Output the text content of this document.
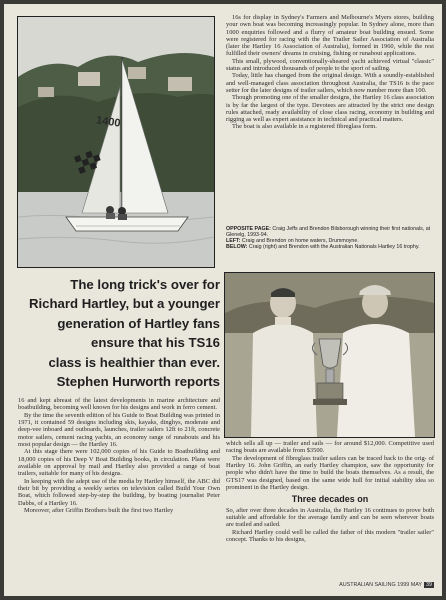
1400

16s for display in Sydney's Farmers and Melbourne's Myers stores, building your own boat was becoming increasingly popular. In Sydney alone, more than 1000 enquiries followed and a flurry of amateur boat building ensued. Some were registered for racing with the the Trailer Sailer Association of Australia (later the Hartley 16 Association of Australia), formed in 1960, while the rest fulfilled their owners' dreams in cruising, fishing or runabout applications.

This small, plywood, conventionally-sheared yacht achieved virtual "classic" status and introduced thousands of people to the sport of sailing.

Today, little has changed from the original design. With a soundly-established and well-managed class association throughout Australia, the TS16 is the pace setter for the later designs of trailer sailers, which now number more than 100.

Though promoting one of the smaller designs, the Hartley 16 class association is by far the largest of the type. Devotees are attracted by the strict one design rules attached, ready availability of close class racing, economy in building and rigging as well as expert assistance in technical and practical matters.

The boat is also available in a registered fibreglass form.

OPPOSITE PAGE: Craig Jeffs and Brendon Bilsborough winning their first nationals, at Glenelg, 1993-94.
LEFT: Craig and Brendon on home waters, Drummoyne.
BELOW: Craig (right) and Brendon with the Australian Nationals Hartley 16 trophy.
The long trick's over for
Richard Hartley, but a younger
generation of Hartley fans
ensure that his TS16
class is healthier than ever.
Stephen Hurworth reports

16 and kept abreast of the latest developments in marine architecture and boatbuilding, becoming well known for his designs and work in ferro cement.

By the time the seventh edition of his Guide to Boat Building was printed in 1971, it contained 59 designs including skis, kayaks, dinghys, moderate and deep-vee inboard and outboards, launches, trailer sailers 12ft to 21ft, concrete motor sailers, cement racing yachts, an economy range of runabouts and his most popular design — the Hartley 16.

At this stage there were 102,000 copies of his Guide to Boatbuilding and 18,000 copies of his Deep V Boat Building books, in circulation. Plans were available on approval by mail and Hartley also provided a range of boat trailers, suitable for many of his designs.

In keeping with the adept use of the media by Hartley himself, the ABC did their bit by providing a weekly series on television called Build Your Own Boat, which followed step-by-step the building, by boating journalist Peter Dabbs, of a Hartley 16.

Moreover, after Griffin Brothers built the first two Hartley

which sells all up — trailer and sails — for around $12,000. Competitive used racing boats are available from $3500.

The development of fibreglass trailer sailers can be traced back to the orig- of Hartley 16. John Griffin, an early Hartley champion, saw the opportunity for people who didn't have the time to build the boats themselves. As a result, the GTS17 was designed, based on the same wide hull for initial stability idea so prominent in the Hartley design.

Three decades on

So, after over three decades in Australia, the Hartley 16 continues to prove both suitable and affordable for the average family and can be seen wherever boats are trailed and sailed.

Richard Hartley could well be called the father of this modern "trailer sailer" concept. Thanks to his designs,

AUSTRALIAN SAILING 1999 MAY 39
